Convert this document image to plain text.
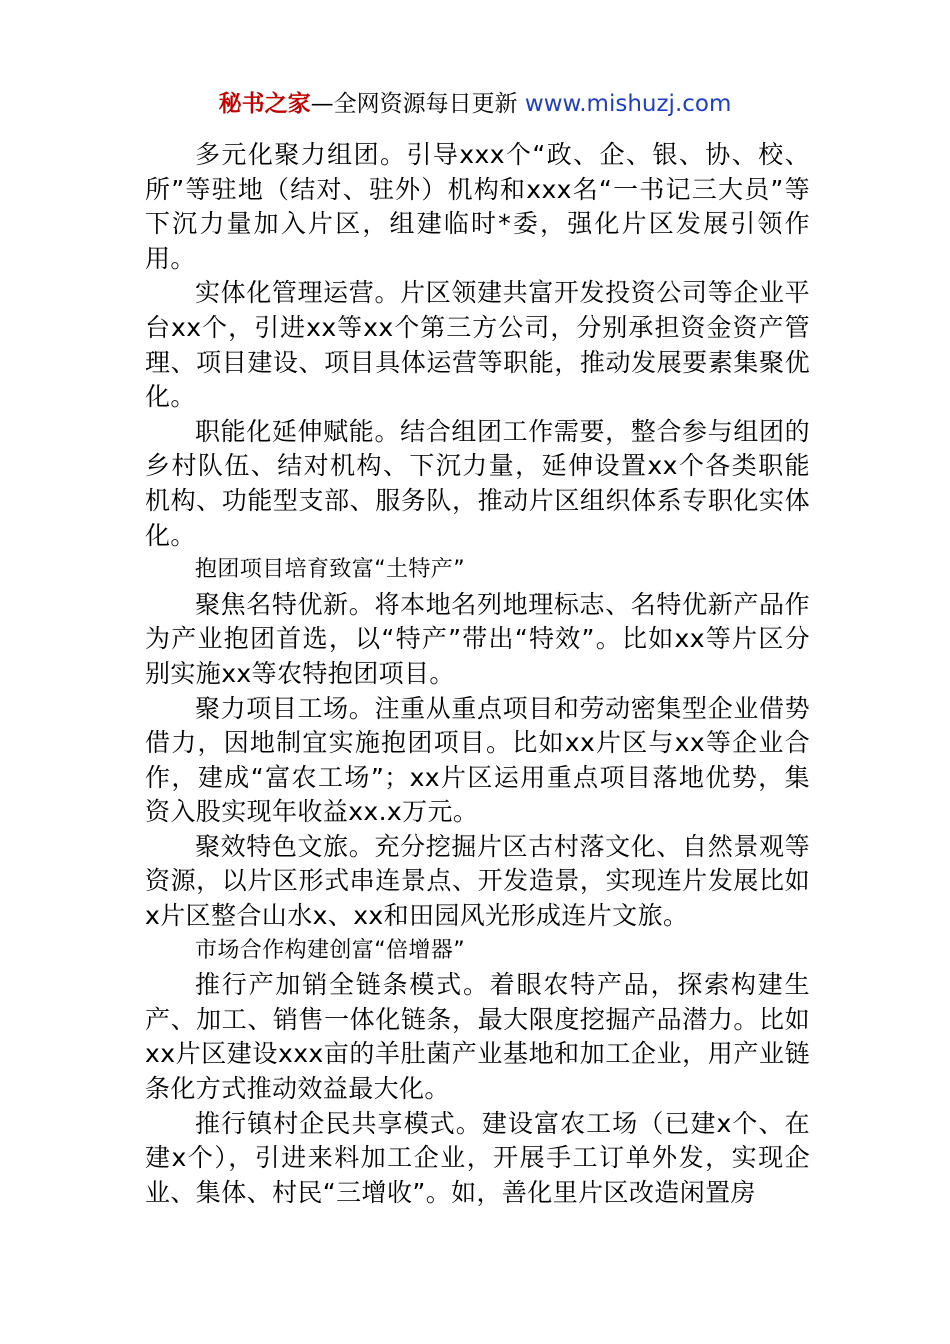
秘书之家—全网资源每日更新 www.mishuzj.com

多元化聚力组团。引导xxx个“政、企、银、协、校、所”等驻地（结对、驻外）机构和xxx名“一书记三大员”等下沉力量加入片区，组建临时*委，强化片区发展引领作用。

实体化管理运营。片区领建共富开发投资公司等企业平台xx个，引进xx等xx个第三方公司，分别承担资金资产管理、项目建设、项目具体运营等职能，推动发展要素集聚优化。

职能化延伸赋能。结合组团工作需要，整合参与组团的乡村队伍、结对机构、下沉力量，延伸设置xx个各类职能机构、功能型支部、服务队，推动片区组织体系专职化实体化。

抱团项目培育致富“土特产”

聚焦名特优新。将本地名列地理标志、名特优新产品作为产业抱团首选，以“特产”带出“特效”。比如xx等片区分别实施xx等农特抱团项目。

聚力项目工场。注重从重点项目和劳动密集型企业借势借力，因地制宜实施抱团项目。比如xx片区与xx等企业合作，建成“富农工场”；xx片区运用重点项目落地优势，集资入股实现年收益xx.x万元。

聚效特色文旅。充分挖掘片区古村落文化、自然景观等资源，以片区形式串连景点、开发造景，实现连片发展比如x片区整合山水x、xx和田园风光形成连片文旅。

市场合作构建创富“倍增器”

推行产加销全链条模式。着眼农特产品，探索构建生产、加工、销售一体化链条，最大限度挖掘产品潜力。比如xx片区建设xxx亩的羊肚菌产业基地和加工企业，用产业链条化方式推动效益最大化。

推行镇村企民共享模式。建设富农工场（已建x个、在建x个），引进来料加工企业，开展手工订单外发，实现企业、集体、村民“三增收”。如，善化里片区改造闲置房
